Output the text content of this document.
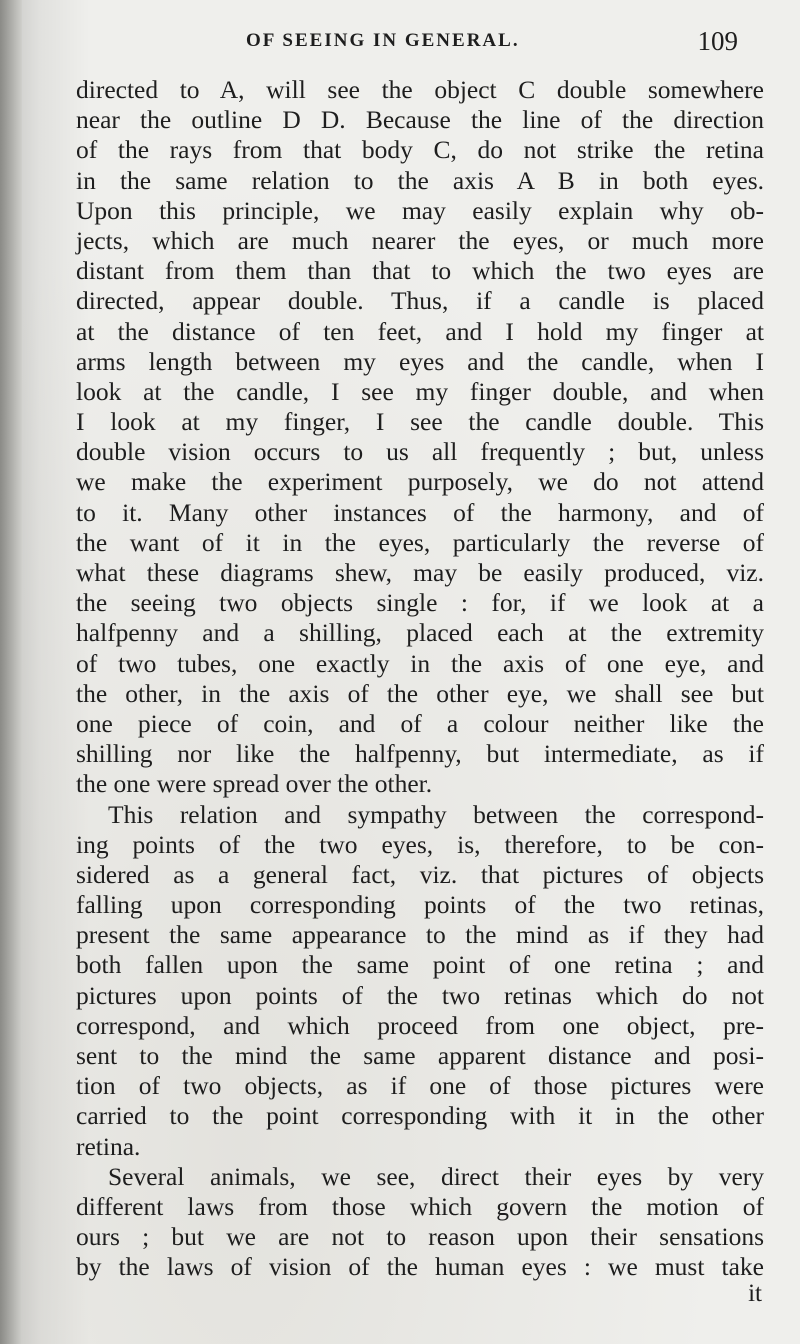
OF SEEING IN GENERAL.	109
directed to A, will see the object C double somewhere
near the outline D D. Because the line of the direction
of the rays from that body C, do not strike the retina
in the same relation to the axis A B in both eyes.
Upon this principle, we may easily explain why ob-
jects, which are much nearer the eyes, or much more
distant from them than that to which the two eyes are
directed, appear double. Thus, if a candle is placed
at the distance of ten feet, and I hold my finger at
arms length between my eyes and the candle, when I
look at the candle, I see my finger double, and when
I look at my finger, I see the candle double. This
double vision occurs to us all frequently ; but, unless
we make the experiment purposely, we do not attend
to it. Many other instances of the harmony, and of
the want of it in the eyes, particularly the reverse of
what these diagrams shew, may be easily produced, viz.
the seeing two objects single : for, if we look at a
halfpenny and a shilling, placed each at the extremity
of two tubes, one exactly in the axis of one eye, and
the other, in the axis of the other eye, we shall see but
one piece of coin, and of a colour neither like the
shilling nor like the halfpenny, but intermediate, as if
the one were spread over the other.
This relation and sympathy between the correspond-
ing points of the two eyes, is, therefore, to be con-
sidered as a general fact, viz. that pictures of objects
falling upon corresponding points of the two retinas,
present the same appearance to the mind as if they had
both fallen upon the same point of one retina ; and
pictures upon points of the two retinas which do not
correspond, and which proceed from one object, pre-
sent to the mind the same apparent distance and posi-
tion of two objects, as if one of those pictures were
carried to the point corresponding with it in the other
retina.
Several animals, we see, direct their eyes by very
different laws from those which govern the motion of
ours ; but we are not to reason upon their sensations
by the laws of vision of the human eyes : we must take
it
